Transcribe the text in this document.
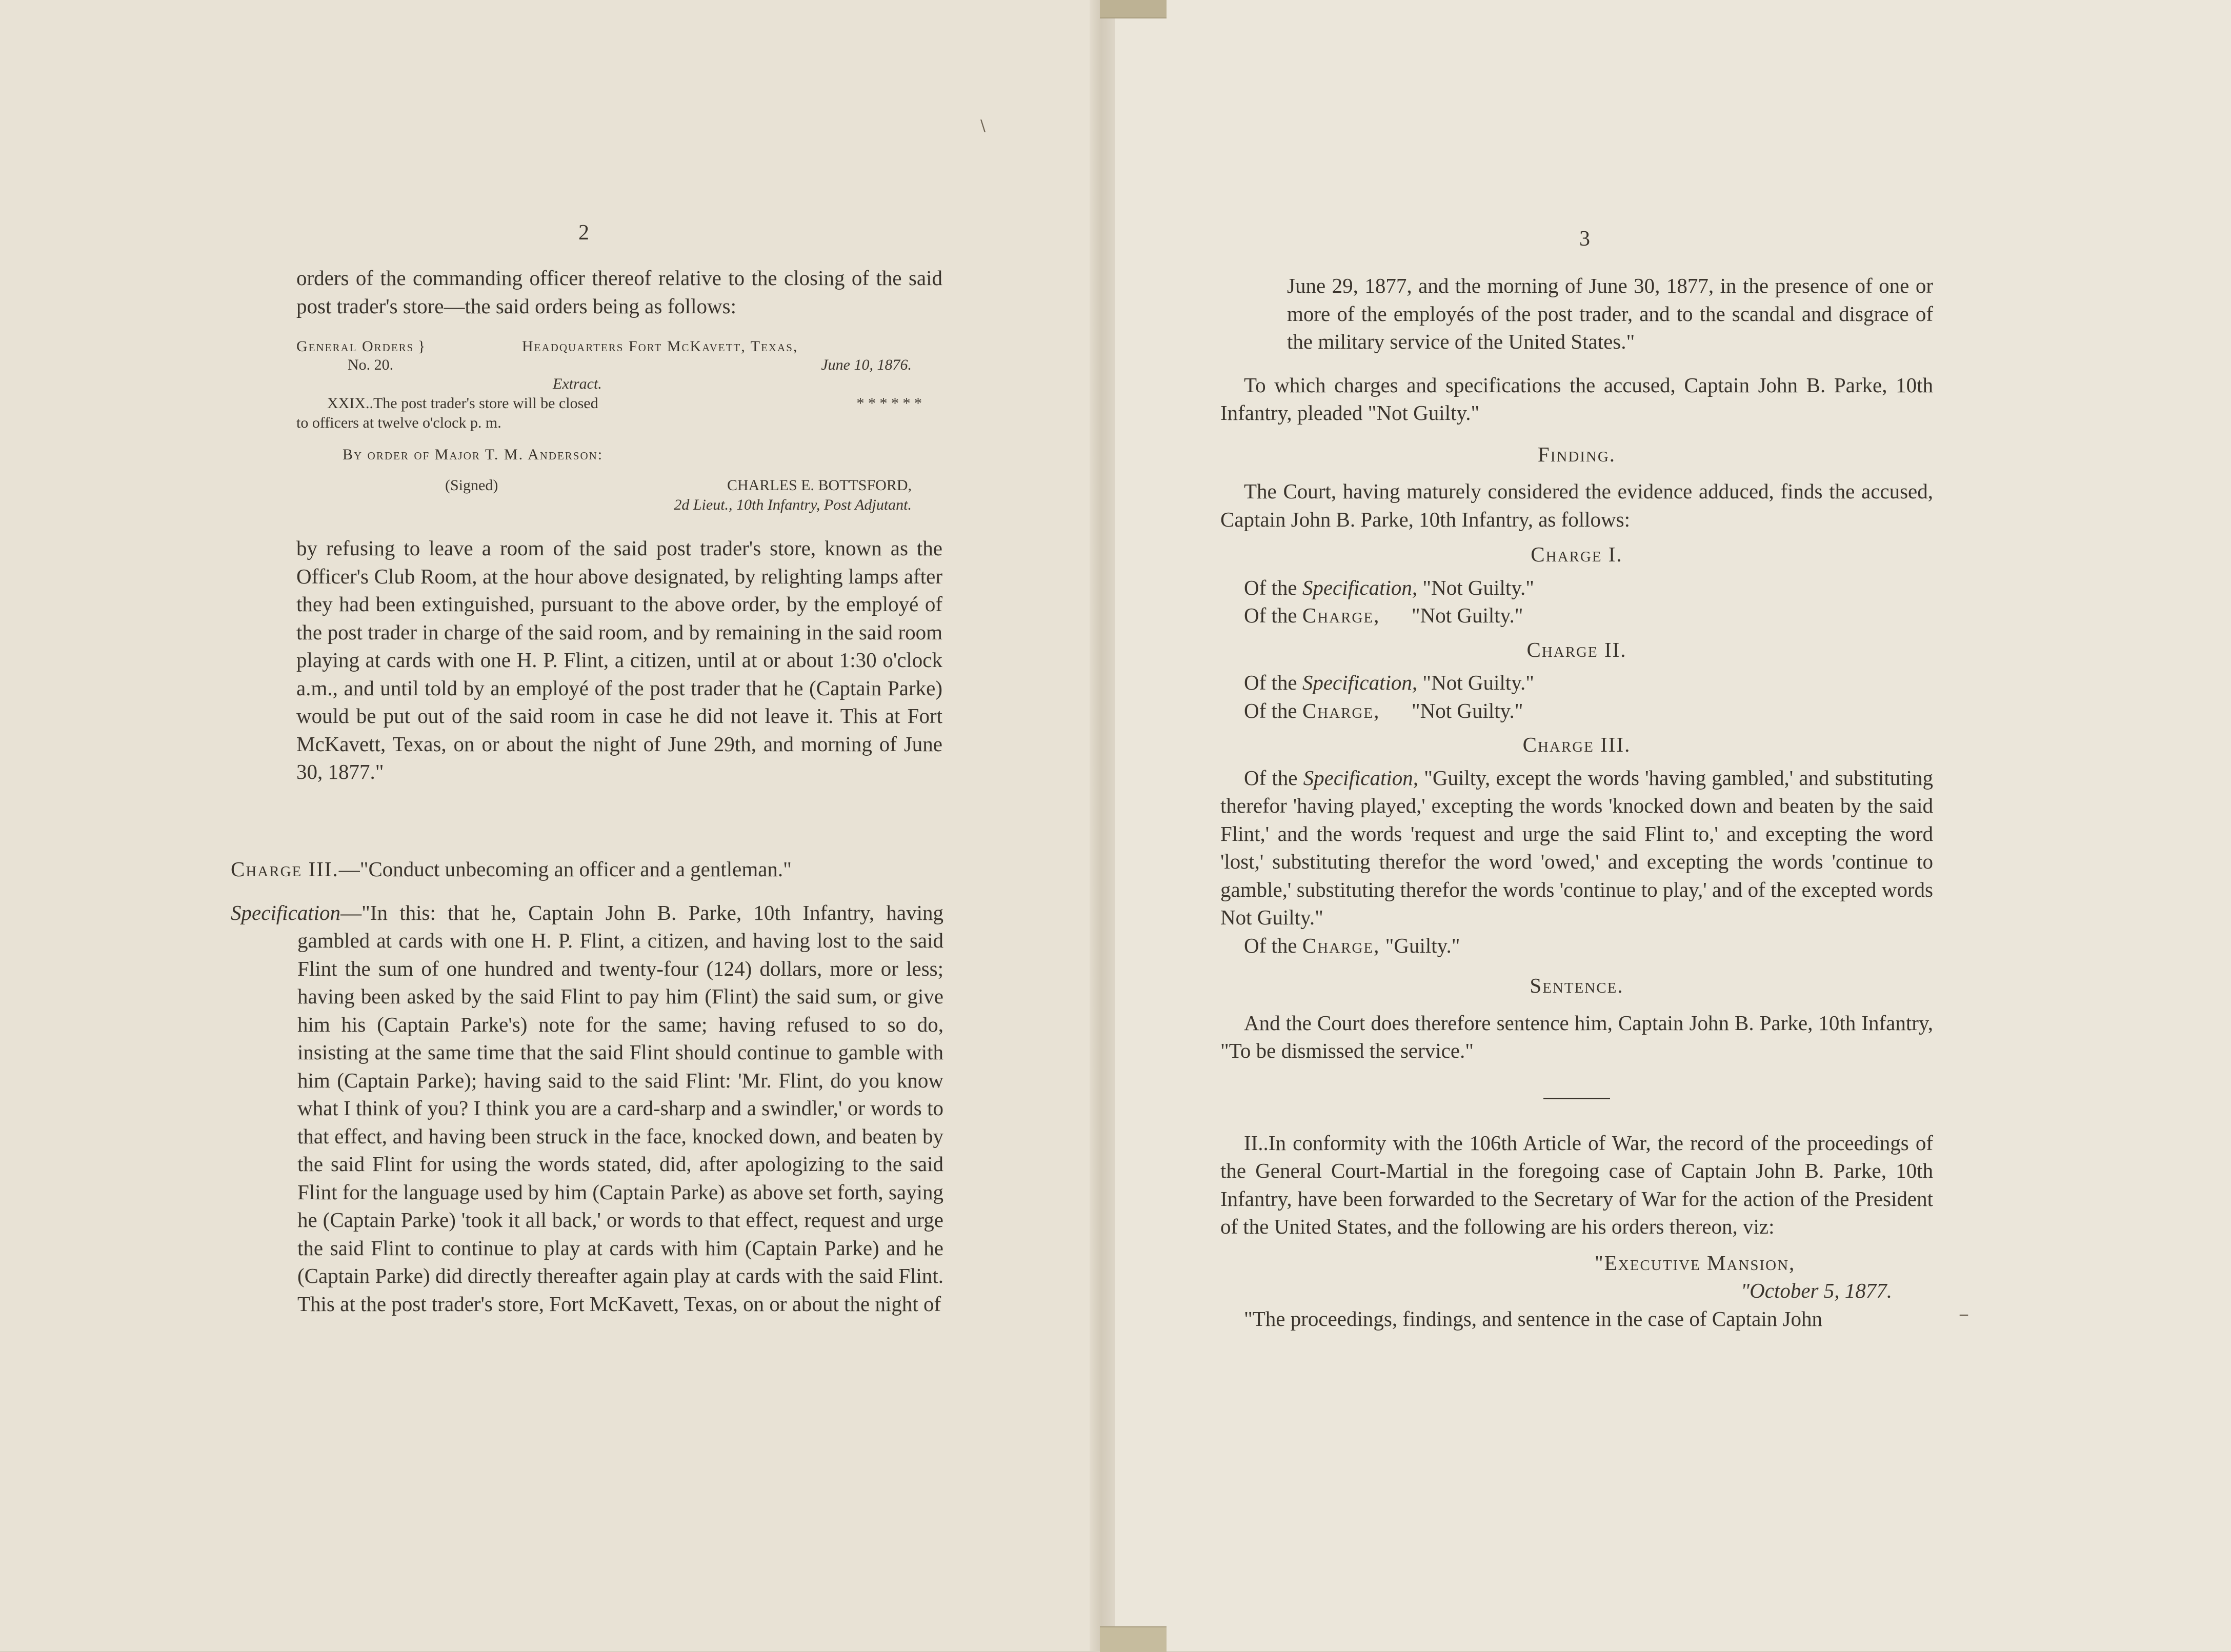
\
–
2

orders of the commanding officer thereof relative to the closing of the said post trader's store—the said orders being as follows:

General Orders }
No. 20.
Headquarters Fort McKavett, Texas,

June 10, 1876.
Extract.
XXIX..The post trader's store will be closed	* * * * * *
to officers at twelve o'clock p. m.
By order of Major T. M. Anderson:
(Signed)	CHARLES E. BOTTSFORD,
2d Lieut., 10th Infantry, Post Adjutant.

by refusing to leave a room of the said post trader's store, known as the Officer's Club Room, at the hour above designated, by relighting lamps after they had been extinguished, pursuant to the above order, by the employé of the post trader in charge of the said room, and by remaining in the said room playing at cards with one H. P. Flint, a citizen, until at or about 1:30 o'clock a.m., and until told by an employé of the post trader that he (Captain Parke) would be put out of the said room in case he did not leave it. This at Fort McKavett, Texas, on or about the night of June 29th, and morning of June 30, 1877."

Charge III.—"Conduct unbecoming an officer and a gentleman."

Specification—"In this: that he, Captain John B. Parke, 10th Infantry, having gambled at cards with one H. P. Flint, a citizen, and having lost to the said Flint the sum of one hundred and twenty-four (124) dollars, more or less; having been asked by the said Flint to pay him (Flint) the said sum, or give him his (Captain Parke's) note for the same; having refused to so do, insisting at the same time that the said Flint should continue to gamble with him (Captain Parke); having said to the said Flint: 'Mr. Flint, do you know what I think of you? I think you are a card-sharp and a swindler,' or words to that effect, and having been struck in the face, knocked down, and beaten by the said Flint for using the words stated, did, after apologizing to the said Flint for the language used by him (Captain Parke) as above set forth, saying he (Captain Parke) 'took it all back,' or words to that effect, request and urge the said Flint to continue to play at cards with him (Captain Parke) and he (Captain Parke) did directly thereafter again play at cards with the said Flint. This at the post trader's store, Fort McKavett, Texas, on or about the night of

3

June 29, 1877, and the morning of June 30, 1877, in the presence of one or more of the employés of the post trader, and to the scandal and disgrace of the military service of the United States."

To which charges and specifications the accused, Captain John B. Parke, 10th Infantry, pleaded "Not Guilty."

Finding.

The Court, having maturely considered the evidence adduced, finds the accused, Captain John B. Parke, 10th Infantry, as follows:

Charge I.

Of the Specification, "Not Guilty."

Of the Charge, "Not Guilty."

Charge II.

Of the Specification, "Not Guilty."

Of the Charge, "Not Guilty."

Charge III.

Of the Specification, "Guilty, except the words 'having gambled,' and substituting therefor 'having played,' excepting the words 'knocked down and beaten by the said Flint,' and the words 'request and urge the said Flint to,' and excepting the word 'lost,' substituting therefor the word 'owed,' and excepting the words 'continue to gamble,' substituting therefor the words 'continue to play,' and of the excepted words Not Guilty."

Of the Charge, "Guilty."

Sentence.

And the Court does therefore sentence him, Captain John B. Parke, 10th Infantry, "To be dismissed the service."

II..In conformity with the 106th Article of War, the record of the proceedings of the General Court-Martial in the foregoing case of Captain John B. Parke, 10th Infantry, have been forwarded to the Secretary of War for the action of the President of the United States, and the following are his orders thereon, viz:

"Executive Mansion,

"October 5, 1877.

"The proceedings, findings, and sentence in the case of Captain John
